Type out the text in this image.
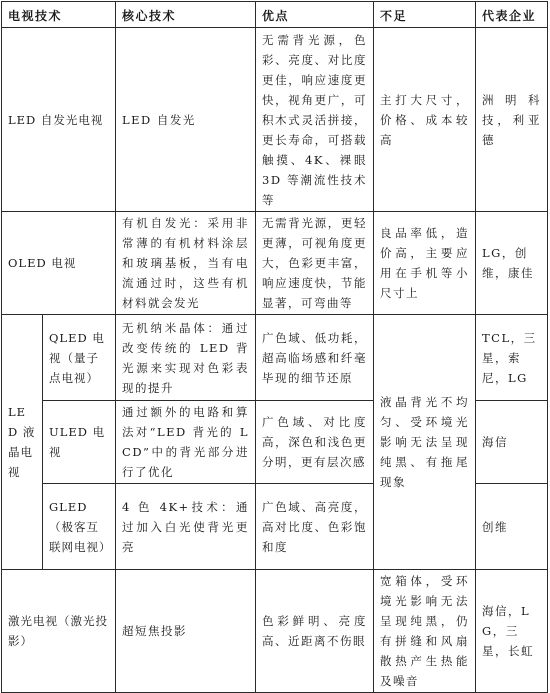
电视技术		核心技术	优点	不足	代表企业
LED 自发光电视		LED 自发光	无需背光源，色彩、亮度、对比度更佳，响应速度更快，视角更广，可积木式灵活拼接，更长寿命，可搭载触摸、4K、裸眼3D 等潮流性技术等	主打大尺寸，价格、成本较高	洲明科技，利亚德
OLED 电视		有机自发光：采用非常薄的有机材料涂层和玻璃基板，当有电流通过时，这些有机材料就会发光	无需背光源，更轻更薄，可视角度更大，色彩更丰富，响应速度快，节能显著，可弯曲等	良品率低，造价高，主要应用在手机等小尺寸上	LG，创维，康佳
LED 液晶电视	QLED 电视（量子点电视）	无机纳米晶体：通过改变传统的 LED 背光源来实现对色彩表现的提升	广色域、低功耗，超高临场感和纤毫毕现的细节还原	液晶背光不均匀、受环境光影响无法呈现纯黑、有拖尾现象	TCL，三星，索尼，LG
	ULED 电视	通过额外的电路和算法对“LED 背光的 LCD”中的背光部分进行了优化	广色域、对比度高，深色和浅色更分明，更有层次感		海信
	GLED（极客互联网电视）	4 色 4K+技术：通过加入白光使背光更亮	广色域、高亮度，高对比度、色彩饱和度		创维
激光电视（激光投影）		超短焦投影	色彩鲜明、亮度高、近距离不伤眼	宽箱体，受环境光影响无法呈现纯黑，仍有拼缝和风扇散热产生热能及噪音	海信，LG，三星，长虹
